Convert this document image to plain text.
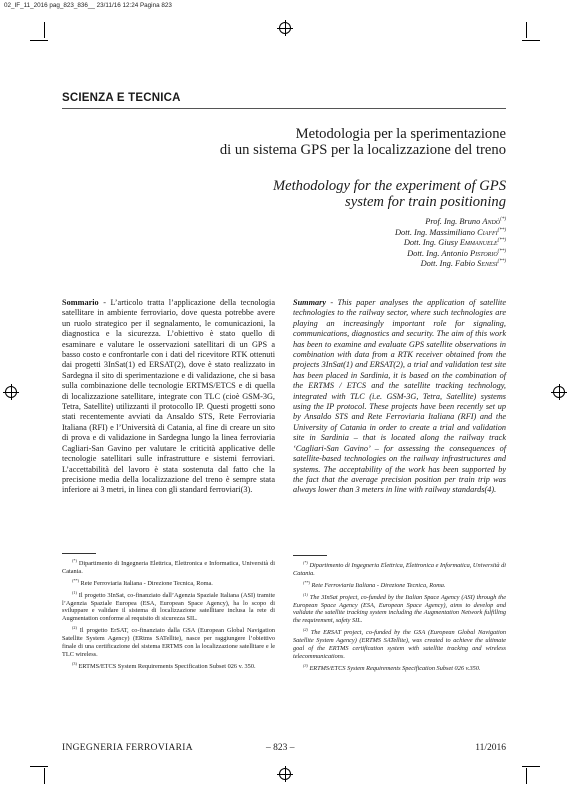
02_IF_11_2016 pag_823_836__ 23/11/16 12:24 Pagina 823
SCIENZA E TECNICA
Metodologia per la sperimentazione
di un sistema GPS per la localizzazione del treno
Methodology for the experiment of GPS
system for train positioning
Prof. Ing. Bruno Andò(*)
Dott. Ing. Massimiliano Ciaffi(**)
Dott. Ing. Giusy Emmanuele(**)
Dott. Ing. Antonio Pistorio(**)
Dott. Ing. Fabio Senesi(**)
Sommario - L’articolo tratta l’applicazione della tecnologia satellitare in ambiente ferroviario, dove questa potrebbe avere un ruolo strategico per il segnalamento, le comunicazioni, la diagnostica e la sicurezza. L’obiettivo è stato quello di esaminare e valutare le osservazioni satellitari di un GPS a basso costo e confrontarle con i dati del ricevitore RTK ottenuti dai progetti 3InSat(1) ed ERSAT(2), dove è stato realizzato in Sardegna il sito di sperimentazione e di validazione, che si basa sulla combinazione delle tecnologie ERTMS/ETCS e di quella di localizzazione satellitare, integrate con TLC (cioè GSM-3G, Tetra, Satellite) utilizzanti il protocollo IP. Questi progetti sono stati recentemente avviati da Ansaldo STS, Rete Ferroviaria Italiana (RFI) e l’Università di Catania, al fine di creare un sito di prova e di validazione in Sardegna lungo la linea ferroviaria Cagliari-San Gavino per valutare le criticità applicative delle tecnologie satellitari sulle infrastrutture e sistemi ferroviari. L’accettabilità del lavoro è stata sostenuta dal fatto che la precisione media della localizzazione del treno è sempre stata inferiore ai 3 metri, in linea con gli standard ferroviari(3).
Summary - This paper analyses the application of satellite technologies to the railway sector, where such technologies are playing an increasingly important role for signaling, communications, diagnostics and security. The aim of this work has been to examine and evaluate GPS satellite observations in combination with data from a RTK receiver obtained from the projects 3InSat(1) and ERSAT(2), a trial and validation test site has been placed in Sardinia, it is based on the combination of the ERTMS / ETCS and the satellite tracking technology, integrated with TLC (i.e. GSM-3G, Tetra, Satellite) systems using the IP protocol. These projects have been recently set up by Ansaldo STS and Rete Ferroviaria Italiana (RFI) and the University of Catania in order to create a trial and validation site in Sardinia – that is located along the railway track ‘Cagliari-San Gavino’ – for assessing the consequences of satellite-based technologies on the railway infrastructures and systems. The acceptability of the work has been supported by the fact that the average precision position per train trip was always lower than 3 meters in line with railway standards(4).

(*) Dipartimento di Ingegneria Elettrica, Elettronica e Informatica, Università di Catania.

(**) Rete Ferroviaria Italiana - Direzione Tecnica, Roma.

$^{(1)}$ Il progetto 3InSat, co-finanziato dall’Agenzia Spaziale Italiana (ASI) tramite l’Agenzia Spaziale Europea (ESA, European Space Agency), ha lo scopo di sviluppare e validare il sistema di localizzazione satellitare inclusa la rete di Augmentation conforme al requisito di sicurezza SIL.

$^{(2)}$ Il progetto ErSAT, co-finanziato dalla GSA (European Global Navigation Satellite System Agency) (ERtms SATellite), nasce per raggiungere l’obiettivo finale di una certificazione del sistema ERTMS con la localizzazione satellitare e le TLC wireless.

$^{(3)}$ ERTMS/ETCS System Requirements Specification Subset 026 v. 350.

(*) Dipartimento di Ingegneria Elettrica, Elettronica e Informatica, Università di Catania.

(**) Rete Ferroviaria Italiana - Direzione Tecnica, Roma.

$^{(1)}$ The 3InSat project, co-funded by the Italian Space Agency (ASI) through the European Space Agency (ESA, European Space Agency), aims to develop and validate the satellite tracking system including the Augmentation Network fulfilling the requirement, safety SIL.

$^{(2)}$ The ERSAT project, co-funded by the GSA (European Global Navigation Satellite System Agency) (ERTMS SATellite), was created to achieve the ultimate goal of the ERTMS certification system with satellite tracking and wireless telecommunications.

$^{(3)}$ ERTMS/ETCS System Requirements Specification Subset 026 v.350.

INGEGNERIA FERROVIARIA	– 823 –	11/2016
